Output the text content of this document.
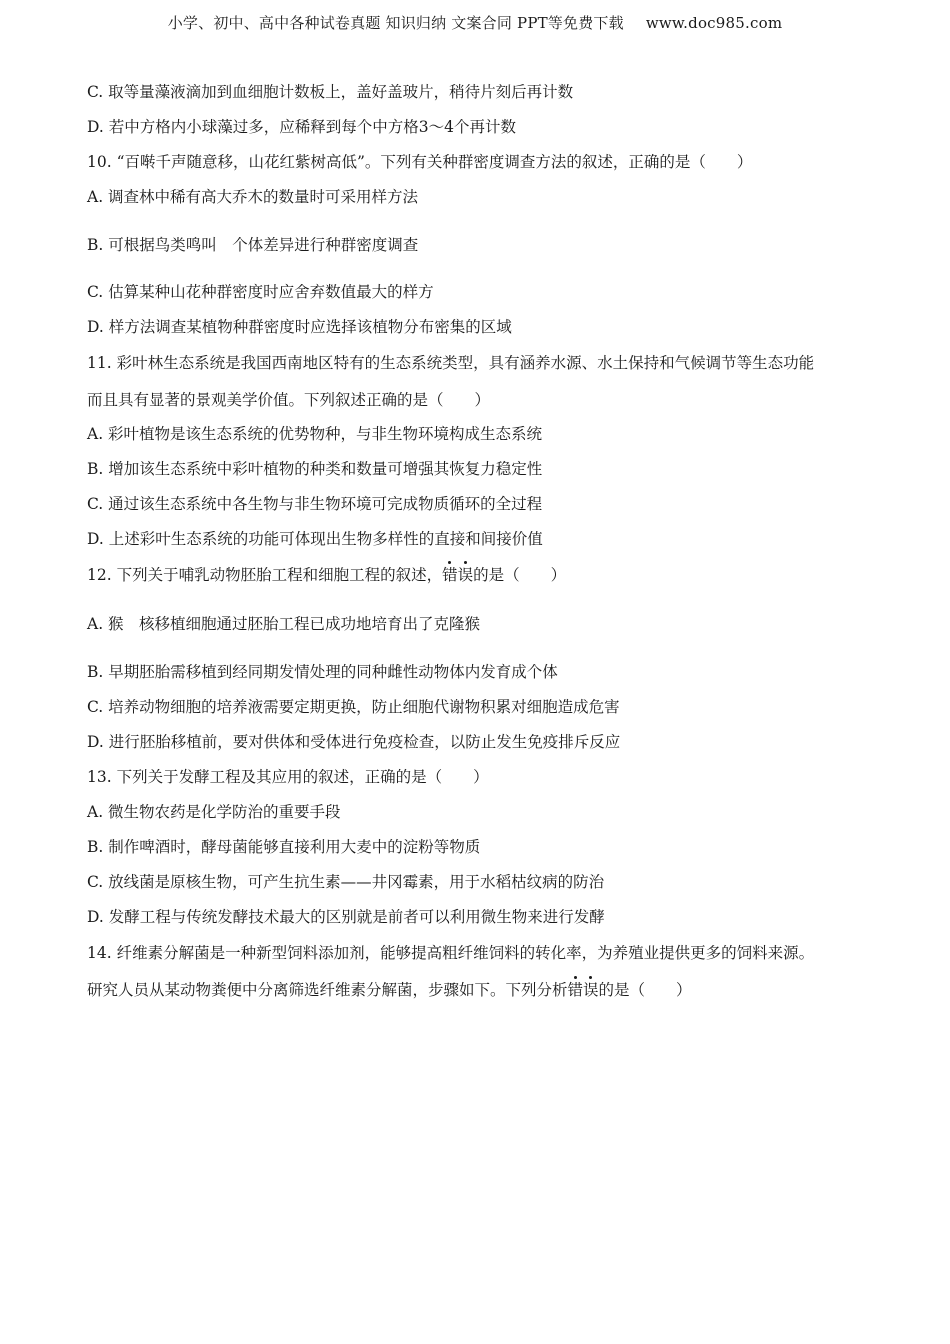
小学、初中、高中各种试卷真题 知识归纳 文案合同 PPT等免费下载 www.doc985.com
C. 取等量藻液滴加到血细胞计数板上，盖好盖玻片，稍待片刻后再计数
D. 若中方格内小球藻过多，应稀释到每个中方格3～4个再计数
10. “百啭千声随意移，山花红紫树高低”。下列有关种群密度调查方法的叙述，正确的是（　　）
A. 调查林中稀有高大乔木的数量时可采用样方法
B. 可根据鸟类鸣叫　个体差异进行种群密度调查
C. 估算某种山花种群密度时应舍弃数值最大的样方
D. 样方法调查某植物种群密度时应选择该植物分布密集的区域
11. 彩叶林生态系统是我国西南地区特有的生态系统类型，具有涵养水源、水土保持和气候调节等生态功能
而且具有显著的景观美学价值。下列叙述正确的是（　　）
A. 彩叶植物是该生态系统的优势物种，与非生物环境构成生态系统
B. 增加该生态系统中彩叶植物的种类和数量可增强其恢复力稳定性
C. 通过该生态系统中各生物与非生物环境可完成物质循环的全过程
D. 上述彩叶生态系统的功能可体现出生物多样性的直接和间接价值
12. 下列关于哺乳动物胚胎工程和细胞工程的叙述，错误的是（　　）
A. 猴　核移植细胞通过胚胎工程已成功地培育出了克隆猴
B. 早期胚胎需移植到经同期发情处理的同种雌性动物体内发育成个体
C. 培养动物细胞的培养液需要定期更换，防止细胞代谢物积累对细胞造成危害
D. 进行胚胎移植前，要对供体和受体进行免疫检查，以防止发生免疫排斥反应
13. 下列关于发酵工程及其应用的叙述，正确的是（　　）
A. 微生物农药是化学防治的重要手段
B. 制作啤酒时，酵母菌能够直接利用大麦中的淀粉等物质
C. 放线菌是原核生物，可产生抗生素——井冈霉素，用于水稻枯纹病的防治
D. 发酵工程与传统发酵技术最大的区别就是前者可以利用微生物来进行发酵
14. 纤维素分解菌是一种新型饲料添加剂，能够提高粗纤维饲料的转化率，为养殖业提供更多的饲料来源。
研究人员从某动物粪便中分离筛选纤维素分解菌，步骤如下。下列分析错误的是（　　）
